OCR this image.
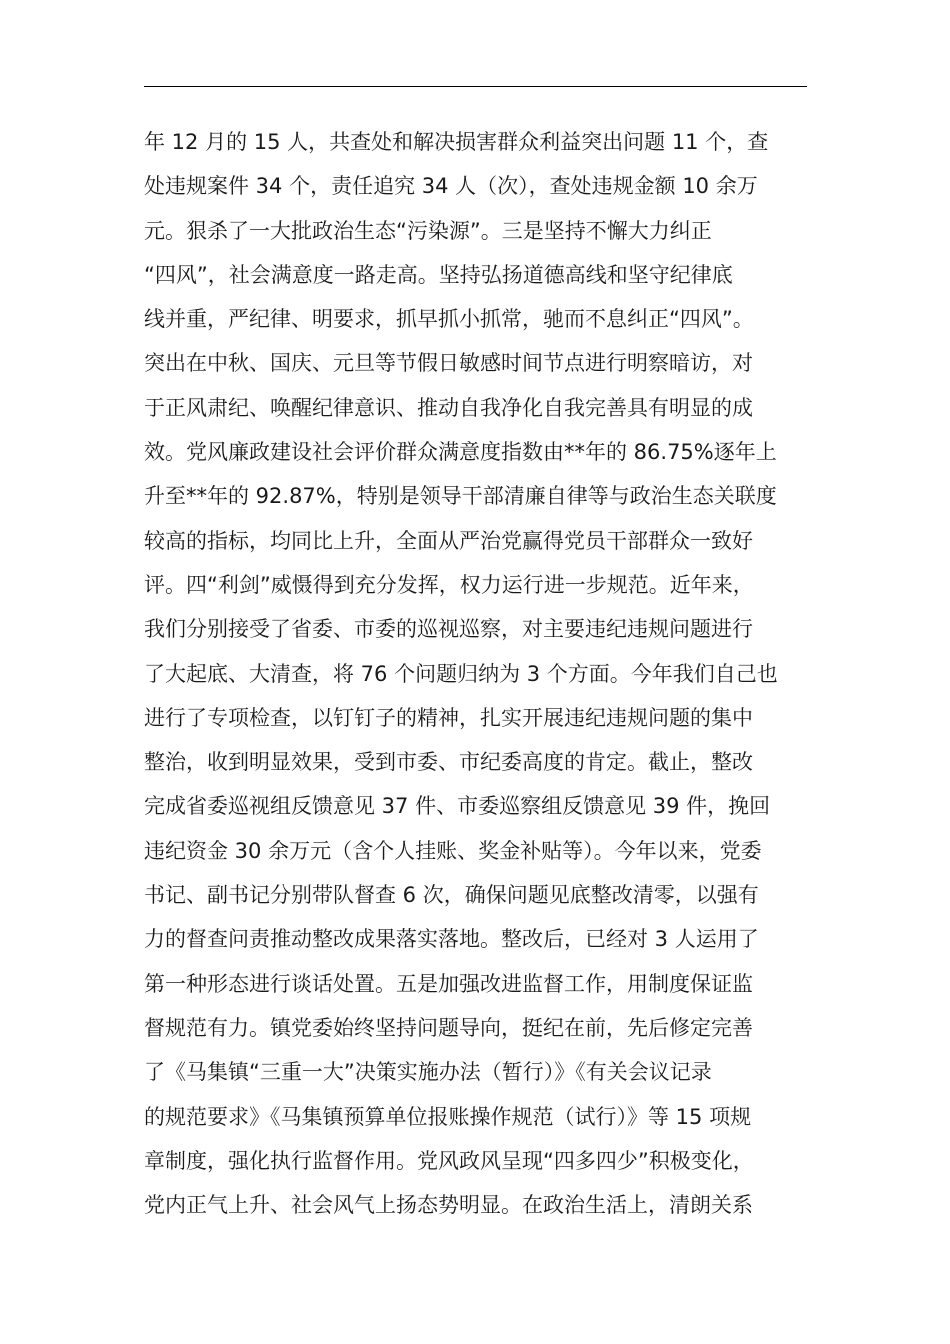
年 12 月的 15 人，共查处和解决损害群众利益突出问题 11 个，查
处违规案件 34 个，责任追究 34 人（次），查处违规金额 10 余万
元。狠杀了一大批政治生态“污染源”。三是坚持不懈大力纠正
“四风”，社会满意度一路走高。坚持弘扬道德高线和坚守纪律底
线并重，严纪律、明要求，抓早抓小抓常，驰而不息纠正“四风”。
突出在中秋、国庆、元旦等节假日敏感时间节点进行明察暗访，对
于正风肃纪、唤醒纪律意识、推动自我净化自我完善具有明显的成
效。党风廉政建设社会评价群众满意度指数由**年的 86.75%逐年上
升至**年的 92.87%，特别是领导干部清廉自律等与政治生态关联度
较高的指标，均同比上升，全面从严治党赢得党员干部群众一致好
评。四“利剑”威慑得到充分发挥，权力运行进一步规范。近年来，
我们分别接受了省委、市委的巡视巡察，对主要违纪违规问题进行
了大起底、大清查，将 76 个问题归纳为 3 个方面。今年我们自己也
进行了专项检查，以钉钉子的精神，扎实开展违纪违规问题的集中
整治，收到明显效果，受到市委、市纪委高度的肯定。截止，整改
完成省委巡视组反馈意见 37 件、市委巡察组反馈意见 39 件，挽回
违纪资金 30 余万元（含个人挂账、奖金补贴等）。今年以来，党委
书记、副书记分别带队督查 6 次，确保问题见底整改清零，以强有
力的督查问责推动整改成果落实落地。整改后，已经对 3 人运用了
第一种形态进行谈话处置。五是加强改进监督工作，用制度保证监
督规范有力。镇党委始终坚持问题导向，挺纪在前，先后修定完善
了《马集镇“三重一大”决策实施办法（暂行）》《有关会议记录
的规范要求》《马集镇预算单位报账操作规范（试行）》等 15 项规
章制度，强化执行监督作用。党风政风呈现“四多四少”积极变化，
党内正气上升、社会风气上扬态势明显。在政治生活上，清朗关系
